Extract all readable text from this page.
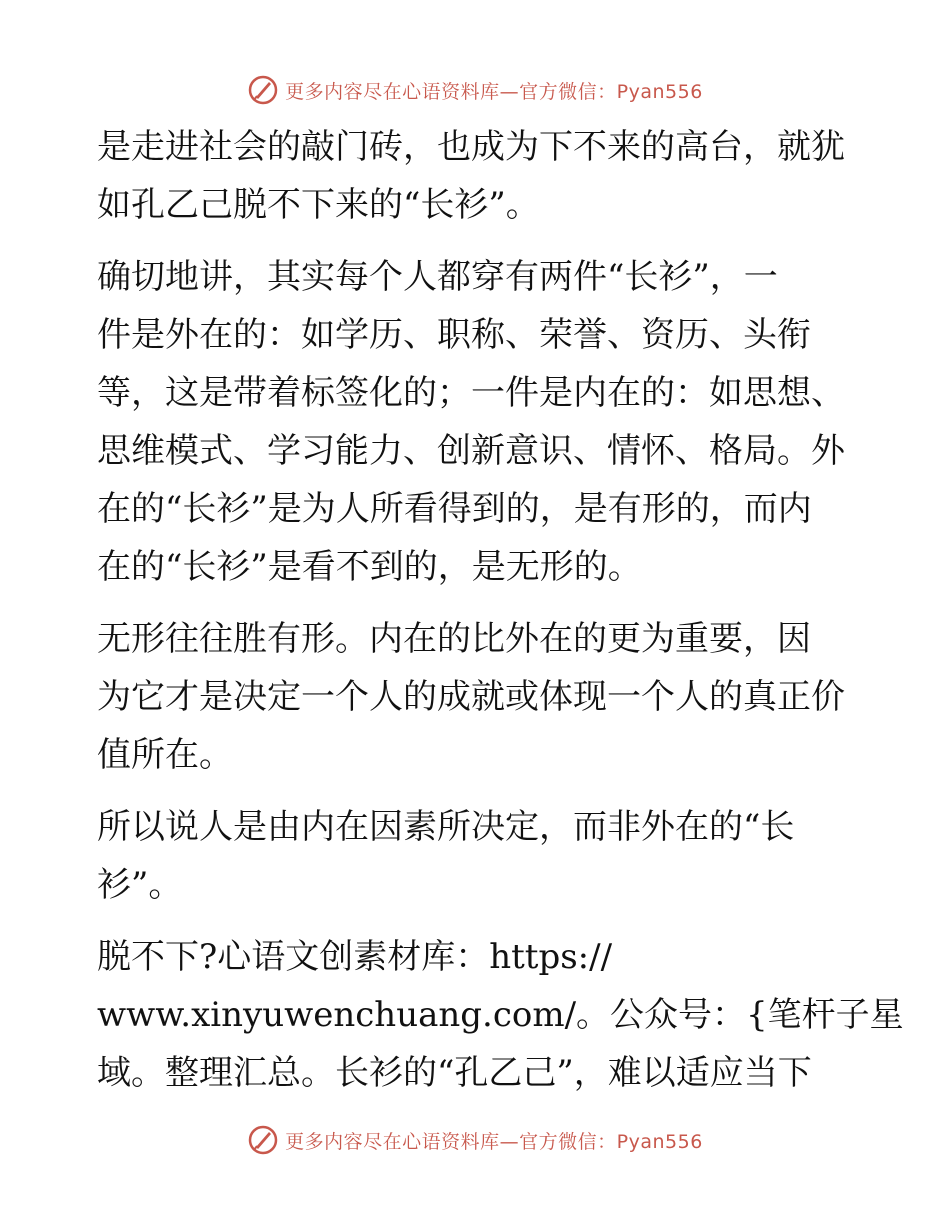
更多内容尽在心语资料库—官方微信：Pyan556

是走进社会的敲门砖，也成为下不来的高台，就犹
如孔乙己脱不下来的“长衫”。

确切地讲，其实每个人都穿有两件“长衫”，一
件是外在的：如学历、职称、荣誉、资历、头衔
等，这是带着标签化的；一件是内在的：如思想、
思维模式、学习能力、创新意识、情怀、格局。外
在的“长衫”是为人所看得到的，是有形的，而内
在的“长衫”是看不到的，是无形的。

无形往往胜有形。内在的比外在的更为重要，因
为它才是决定一个人的成就或体现一个人的真正价
值所在。

所以说人是由内在因素所决定，而非外在的“长
衫”。

脱不下?心语文创素材库：https://
www.xinyuwenchuang.com/。公众号：{笔杆子星
域。整理汇总。长衫的“孔乙己”，难以适应当下

更多内容尽在心语资料库—官方微信：Pyan556
